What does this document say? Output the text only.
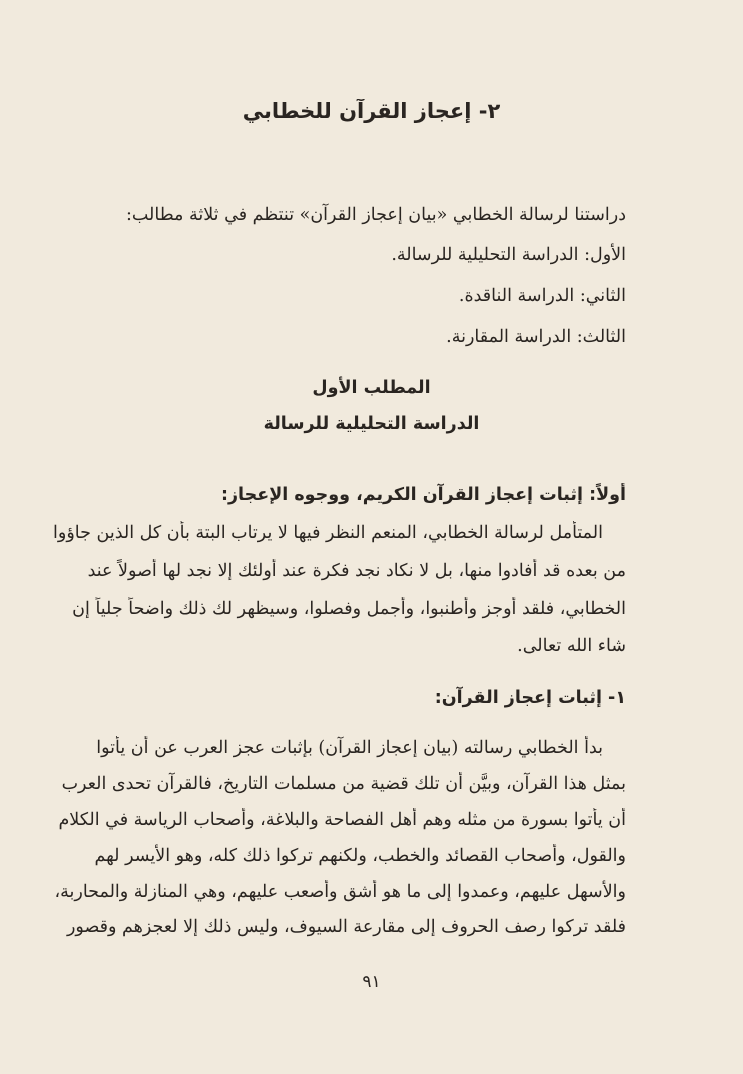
٢- إعجاز القرآن للخطابي

دراستنا لرسالة الخطابي «بيان إعجاز القرآن» تنتظم في ثلاثة مطالب:

الأول: الدراسة التحليلية للرسالة.

الثاني: الدراسة الناقدة.

الثالث: الدراسة المقارنة.

المطلب الأول

الدراسة التحليلية للرسالة

أولاً: إثبات إعجاز القرآن الكريم، ووجوه الإعجاز:

المتأمل لرسالة الخطابي، المنعم النظر فيها لا يرتاب البتة بأن كل الذين جاؤوا

من بعده قد أفادوا منها، بل لا نكاد نجد فكرة عند أولئك إلا نجد لها أصولاً عند

الخطابي، فلقد أوجز وأطنبوا، وأجمل وفصلوا، وسيظهر لك ذلك واضحاً جلياً إن

شاء الله تعالى.

١- إثبات إعجاز القرآن:

بدأ الخطابي رسالته (بيان إعجاز القرآن) بإثبات عجز العرب عن أن يأتوا

بمثل هذا القرآن، وبيَّن أن تلك قضية من مسلمات التاريخ، فالقرآن تحدى العرب

أن يأتوا بسورة من مثله وهم أهل الفصاحة والبلاغة، وأصحاب الرياسة في الكلام

والقول، وأصحاب القصائد والخطب، ولكنهم تركوا ذلك كله، وهو الأيسر لهم

والأسهل عليهم، وعمدوا إلى ما هو أشق وأصعب عليهم، وهي المنازلة والمحاربة،

فلقد تركوا رصف الحروف إلى مقارعة السيوف، وليس ذلك إلا لعجزهم وقصور

٩١
